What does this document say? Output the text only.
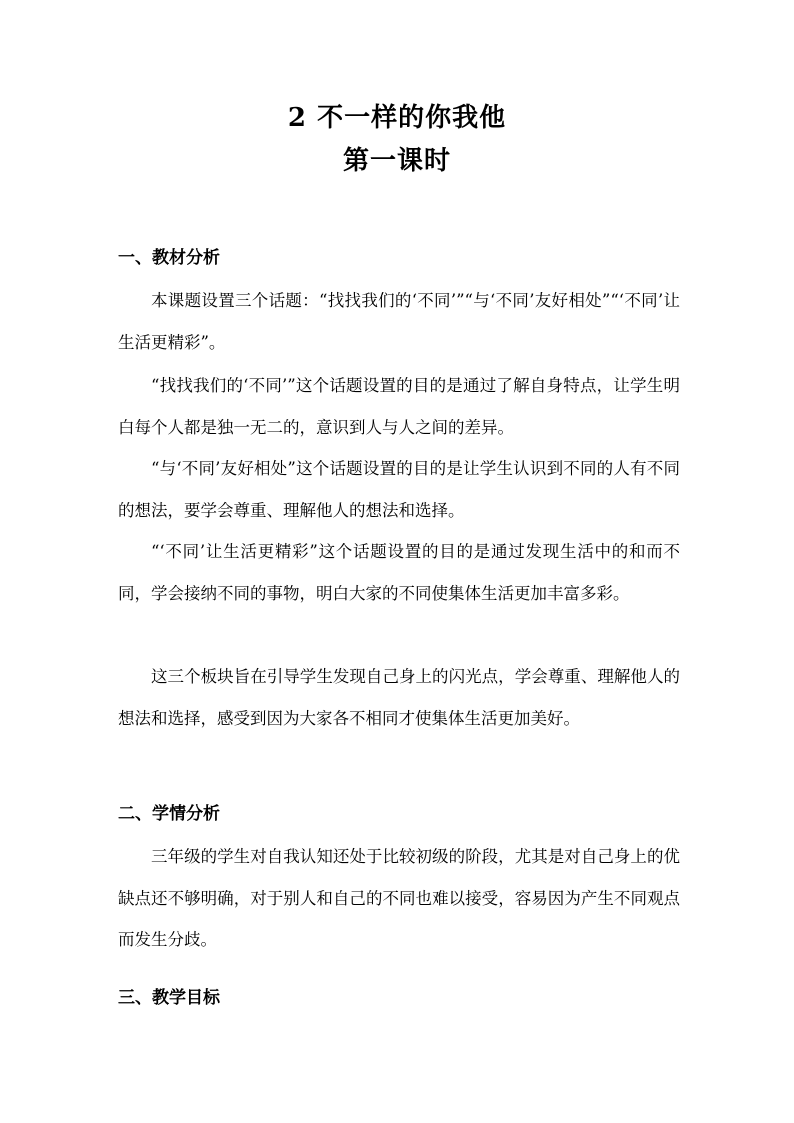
2 不一样的你我他
第一课时
一、教材分析

本课题设置三个话题：“找找我们的‘不同’”“与‘不同’友好相处”“‘不同’让生活更精彩”。

“找找我们的‘不同’”这个话题设置的目的是通过了解自身特点，让学生明白每个人都是独一无二的，意识到人与人之间的差异。

“与‘不同’友好相处”这个话题设置的目的是让学生认识到不同的人有不同的想法，要学会尊重、理解他人的想法和选择。

“‘不同’让生活更精彩”这个话题设置的目的是通过发现生活中的和而不同，学会接纳不同的事物，明白大家的不同使集体生活更加丰富多彩。

这三个板块旨在引导学生发现自己身上的闪光点，学会尊重、理解他人的想法和选择，感受到因为大家各不相同才使集体生活更加美好。

二、学情分析

三年级的学生对自我认知还处于比较初级的阶段，尤其是对自己身上的优缺点还不够明确，对于别人和自己的不同也难以接受，容易因为产生不同观点而发生分歧。

三、教学目标
